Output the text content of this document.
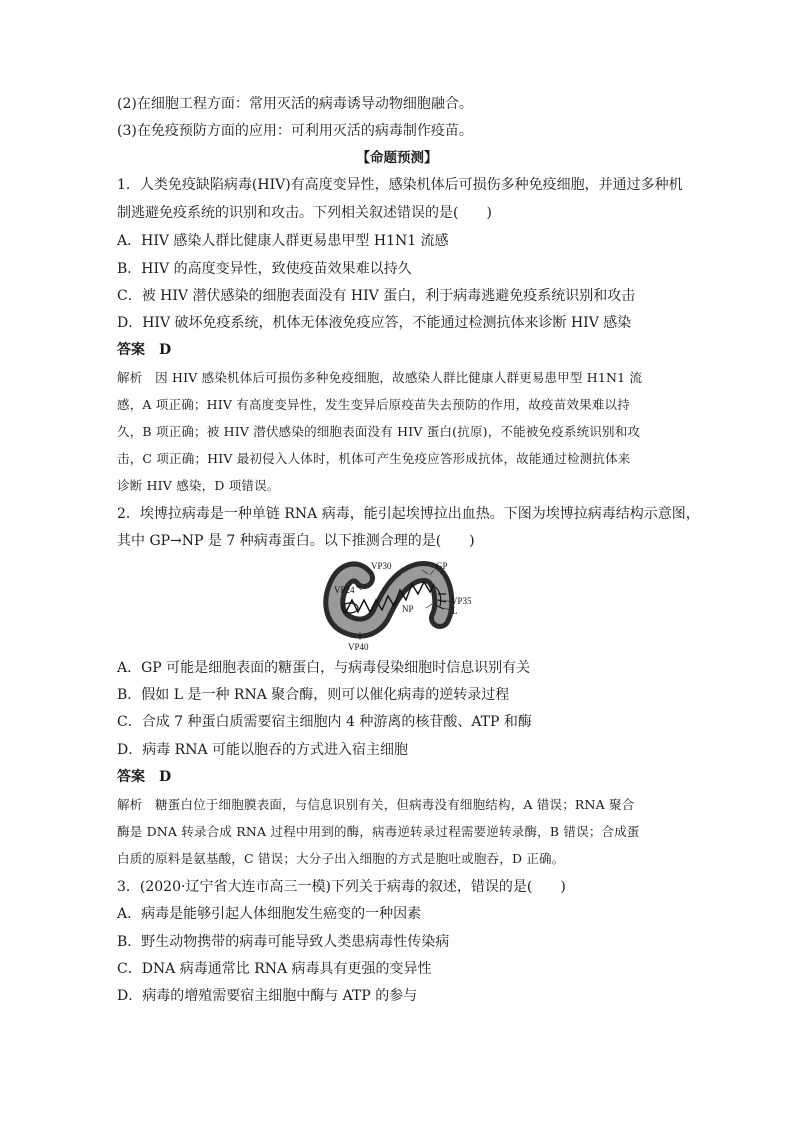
(2)在细胞工程方面：常用灭活的病毒诱导动物细胞融合。
(3)在免疫预防方面的应用：可利用灭活的病毒制作疫苗。
【命题预测】
1．人类免疫缺陷病毒(HIV)有高度变异性，感染机体后可损伤多种免疫细胞，并通过多种机
制逃避免疫系统的识别和攻击。下列相关叙述错误的是(　　)
A．HIV 感染人群比健康人群更易患甲型 H1N1 流感
B．HIV 的高度变异性，致使疫苗效果难以持久
C．被 HIV 潜伏感染的细胞表面没有 HIV 蛋白，利于病毒逃避免疫系统识别和攻击
D．HIV 破坏免疫系统，机体无体液免疫应答，不能通过检测抗体来诊断 HIV 感染
答案　D
解析　因 HIV 感染机体后可损伤多种免疫细胞，故感染人群比健康人群更易患甲型 H1N1 流
感，A 项正确；HIV 有高度变异性，发生变异后原疫苗失去预防的作用，故疫苗效果难以持
久，B 项正确；被 HIV 潜伏感染的细胞表面没有 HIV 蛋白(抗原)，不能被免疫系统识别和攻
击，C 项正确；HIV 最初侵入人体时，机体可产生免疫应答形成抗体，故能通过检测抗体来
诊断 HIV 感染，D 项错误。
2．埃博拉病毒是一种单链 RNA 病毒，能引起埃博拉出血热。下图为埃博拉病毒结构示意图，
其中 GP→NP 是 7 种病毒蛋白。以下推测合理的是(　　)
VP30	GP
VP24
VP35
NP	L
VP40
A．GP 可能是细胞表面的糖蛋白，与病毒侵染细胞时信息识别有关
B．假如 L 是一种 RNA 聚合酶，则可以催化病毒的逆转录过程
C．合成 7 种蛋白质需要宿主细胞内 4 种游离的核苷酸、ATP 和酶
D．病毒 RNA 可能以胞吞的方式进入宿主细胞
答案　D
解析　糖蛋白位于细胞膜表面，与信息识别有关，但病毒没有细胞结构，A 错误；RNA 聚合
酶是 DNA 转录合成 RNA 过程中用到的酶，病毒逆转录过程需要逆转录酶，B 错误；合成蛋
白质的原料是氨基酸，C 错误；大分子出入细胞的方式是胞吐或胞吞，D 正确。
3．(2020·辽宁省大连市高三一模)下列关于病毒的叙述，错误的是(　　)
A．病毒是能够引起人体细胞发生癌变的一种因素
B．野生动物携带的病毒可能导致人类患病毒性传染病
C．DNA 病毒通常比 RNA 病毒具有更强的变异性
D．病毒的增殖需要宿主细胞中酶与 ATP 的参与
